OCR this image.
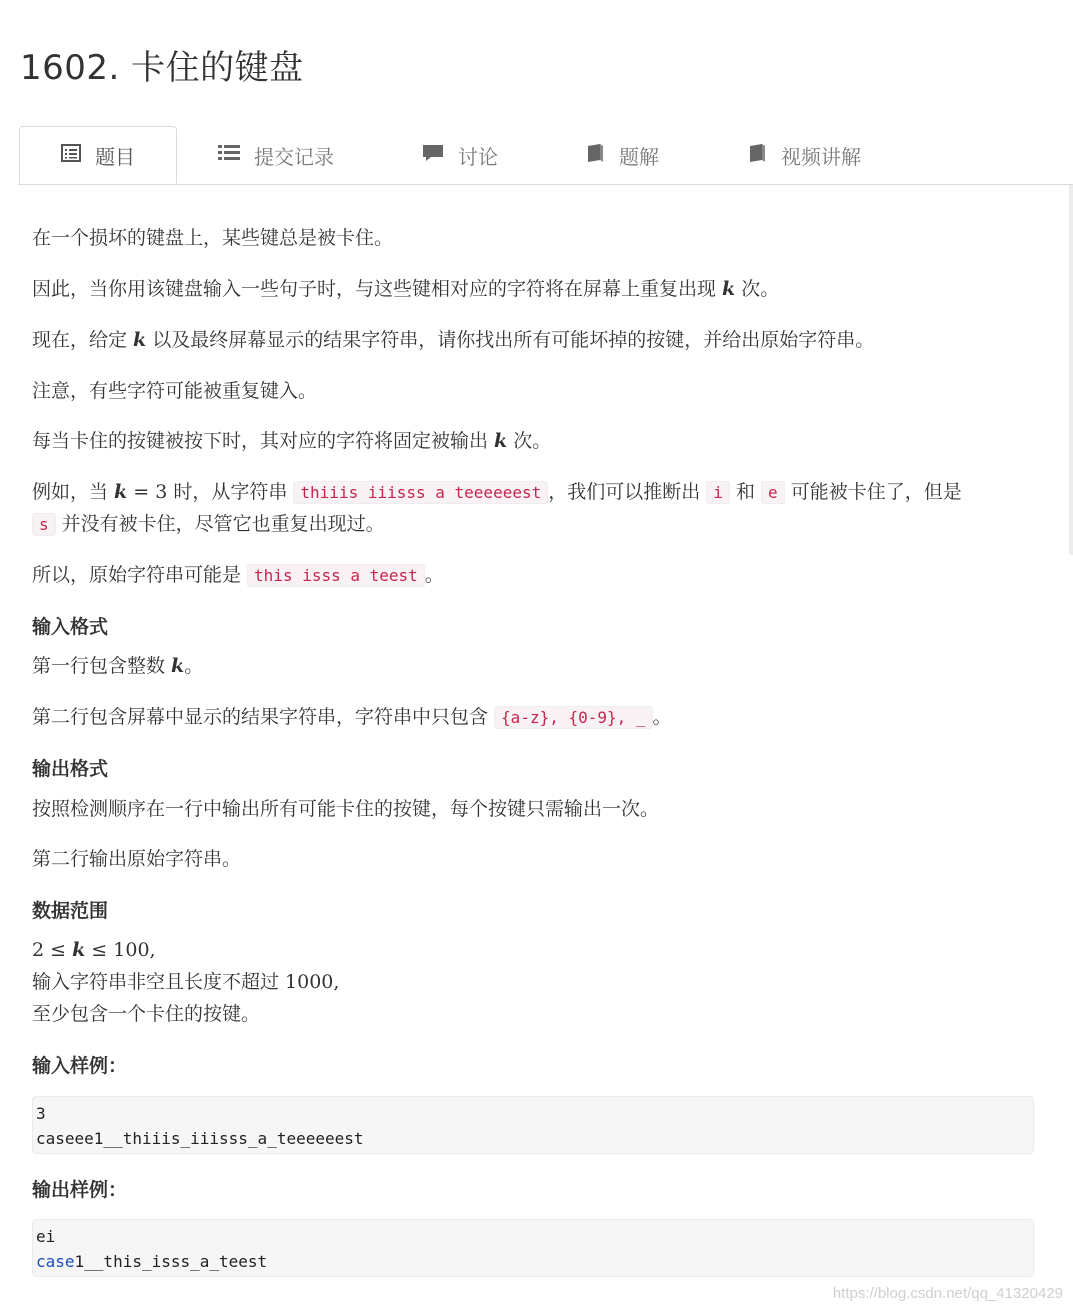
1602. 卡住的键盘
题目	提交记录	讨论	题解	视频讲解

在一个损坏的键盘上，某些键总是被卡住。

因此，当你用该键盘输入一些句子时，与这些键相对应的字符将在屏幕上重复出现 k 次。

现在，给定 k 以及最终屏幕显示的结果字符串，请你找出所有可能坏掉的按键，并给出原始字符串。

注意，有些字符可能被重复键入。

每当卡住的按键被按下时，其对应的字符将固定被输出 k 次。

例如，当 k = 3 时，从字符串 thiiis iiisss a teeeeeest ，我们可以推断出 i 和 e 可能被卡住了，但是

s 并没有被卡住，尽管它也重复出现过。

所以，原始字符串可能是 this isss a teest 。

输入格式

第一行包含整数 k。

第二行包含屏幕中显示的结果字符串，字符串中只包含 {a-z}, {0-9}, _ 。

输出格式

按照检测顺序在一行中输出所有可能卡住的按键，每个按键只需输出一次。

第二行输出原始字符串。

数据范围

2 ≤ k ≤ 100,

输入字符串非空且长度不超过 1000,

至少包含一个卡住的按键。

输入样例：

3
caseee1__thiiis_iiisss_a_teeeeeest

输出样例：

ei
case1__this_isss_a_teest
https://blog.csdn.net/qq_41320429
